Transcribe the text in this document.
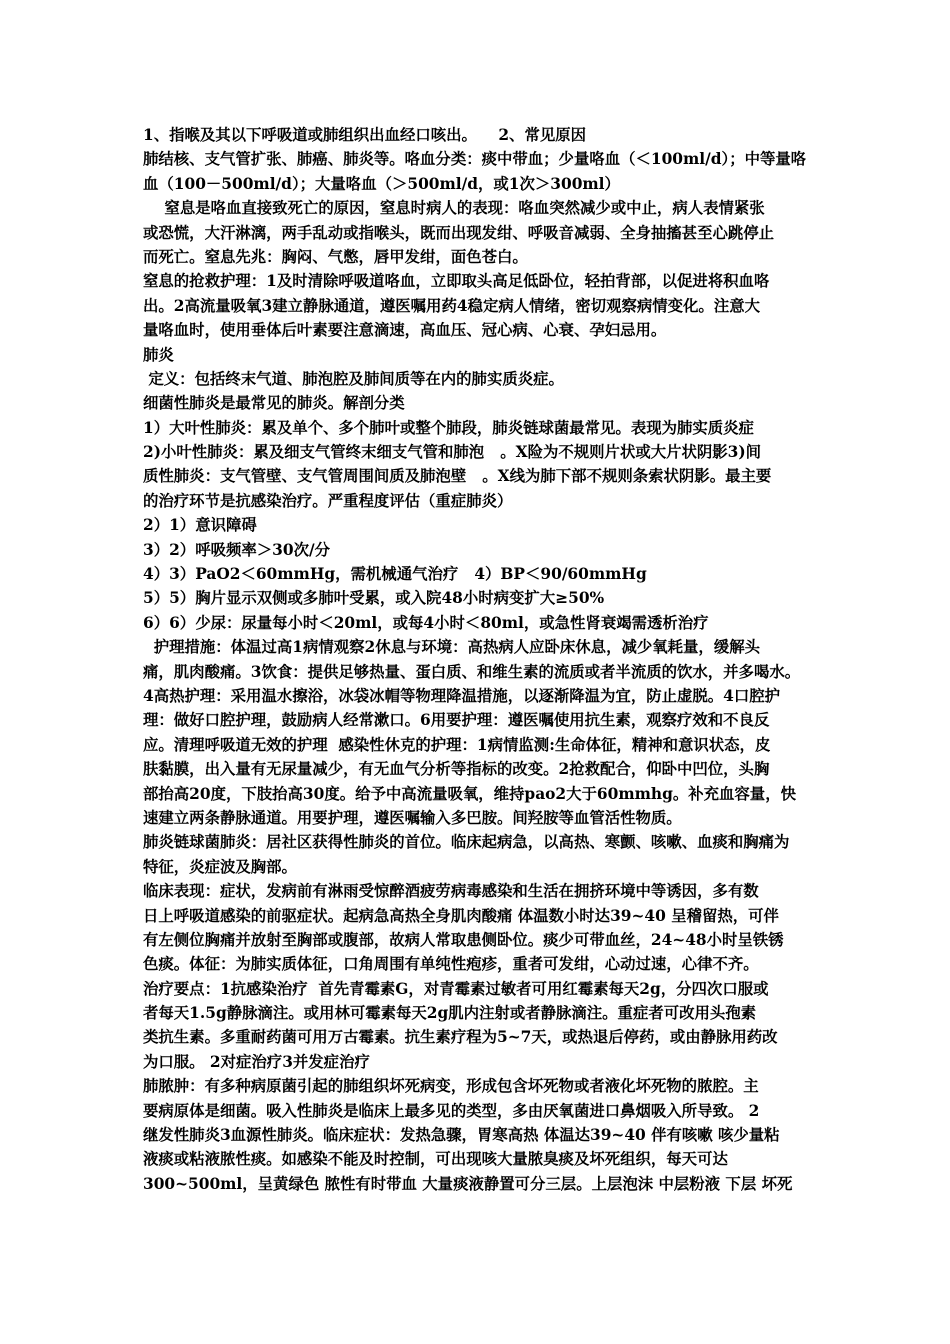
1、指喉及其以下呼吸道或肺组织出血经口咳出。    2、常见原因
肺结核、支气管扩张、肺癌、肺炎等。咯血分类：痰中带血；少量咯血（＜100ml/d）；中等量咯
血（100－500ml/d）；大量咯血（＞500ml/d，或1次＞300ml）
窒息是咯血直接致死亡的原因，窒息时病人的表现：咯血突然减少或中止，病人表情紧张
或恐慌，大汗淋漓，两手乱动或指喉头，既而出现发绀、呼吸音减弱、全身抽搐甚至心跳停止
而死亡。窒息先兆：胸闷、气憋，唇甲发绀，面色苍白。
窒息的抢救护理：1及时清除呼吸道咯血，立即取头高足低卧位，轻拍背部，以促进将积血咯
出。2高流量吸氧3建立静脉通道，遵医嘱用药4稳定病人情绪，密切观察病情变化。注意大
量咯血时，使用垂体后叶素要注意滴速，高血压、冠心病、心衰、孕妇忌用。
肺炎
定义：包括终末气道、肺泡腔及肺间质等在内的肺实质炎症。
细菌性肺炎是最常见的肺炎。解剖分类
1）大叶性肺炎：累及单个、多个肺叶或整个肺段，肺炎链球菌最常见。表现为肺实质炎症
2)小叶性肺炎：累及细支气管终末细支气管和肺泡   。X险为不规则片状或大片状阴影3)间
质性肺炎：支气管壁、支气管周围间质及肺泡壁   。X线为肺下部不规则条索状阴影。最主要
的治疗环节是抗感染治疗。严重程度评估（重症肺炎）
2）1）意识障碍
3）2）呼吸频率＞30次/分
4）3）PaO2＜60mmHg，需机械通气治疗   4）BP＜90/60mmHg
5）5）胸片显示双侧或多肺叶受累，或入院48小时病变扩大≥50%
6）6）少尿：尿量每小时＜20ml，或每4小时＜80ml，或急性肾衰竭需透析治疗
护理措施：体温过高1病情观察2休息与环境：高热病人应卧床休息，减少氧耗量，缓解头
痛，肌肉酸痛。3饮食：提供足够热量、蛋白质、和维生素的流质或者半流质的饮水，并多喝水。
4高热护理：采用温水擦浴，冰袋冰帽等物理降温措施，以逐渐降温为宜，防止虚脱。4口腔护
理：做好口腔护理，鼓励病人经常漱口。6用要护理：遵医嘱使用抗生素，观察疗效和不良反
应。清理呼吸道无效的护理  感染性休克的护理：1病情监测:生命体征，精神和意识状态，皮
肤黏膜，出入量有无尿量减少，有无血气分析等指标的改变。2抢救配合，仰卧中凹位，头胸
部抬高20度，下肢抬高30度。给予中高流量吸氧，维持pao2大于60mmhg。补充血容量，快
速建立两条静脉通道。用要护理，遵医嘱输入多巴胺。间羟胺等血管活性物质。
肺炎链球菌肺炎：居社区获得性肺炎的首位。临床起病急，以高热、寒颤、咳嗽、血痰和胸痛为
特征，炎症波及胸部。
临床表现：症状，发病前有淋雨受惊醉酒疲劳病毒感染和生活在拥挤环境中等诱因，多有数
日上呼吸道感染的前驱症状。起病急高热全身肌肉酸痛 体温数小时达39~40 呈稽留热，可伴
有左侧位胸痛并放射至胸部或腹部，故病人常取患侧卧位。痰少可带血丝，24~48小时呈铁锈
色痰。体征：为肺实质体征，口角周围有单纯性疱疹，重者可发绀，心动过速，心律不齐。
治疗要点：1抗感染治疗  首先青霉素G，对青霉素过敏者可用红霉素每天2g，分四次口服或
者每天1.5g静脉滴注。或用林可霉素每天2g肌内注射或者静脉滴注。重症者可改用头孢素
类抗生素。多重耐药菌可用万古霉素。抗生素疗程为5~7天，或热退后停药，或由静脉用药改
为口服。 2对症治疗3并发症治疗
肺脓肿：有多种病原菌引起的肺组织坏死病变，形成包含坏死物或者液化坏死物的脓腔。主
要病原体是细菌。吸入性肺炎是临床上最多见的类型，多由厌氧菌进口鼻烟吸入所导致。 2
继发性肺炎3血源性肺炎。临床症状：发热急骤，胃寒高热 体温达39~40 伴有咳嗽 咳少量粘
液痰或粘液脓性痰。如感染不能及时控制，可出现咳大量脓臭痰及坏死组织，每天可达
300~500ml，呈黄绿色 脓性有时带血 大量痰液静置可分三层。上层泡沫 中层粉液 下层 坏死
